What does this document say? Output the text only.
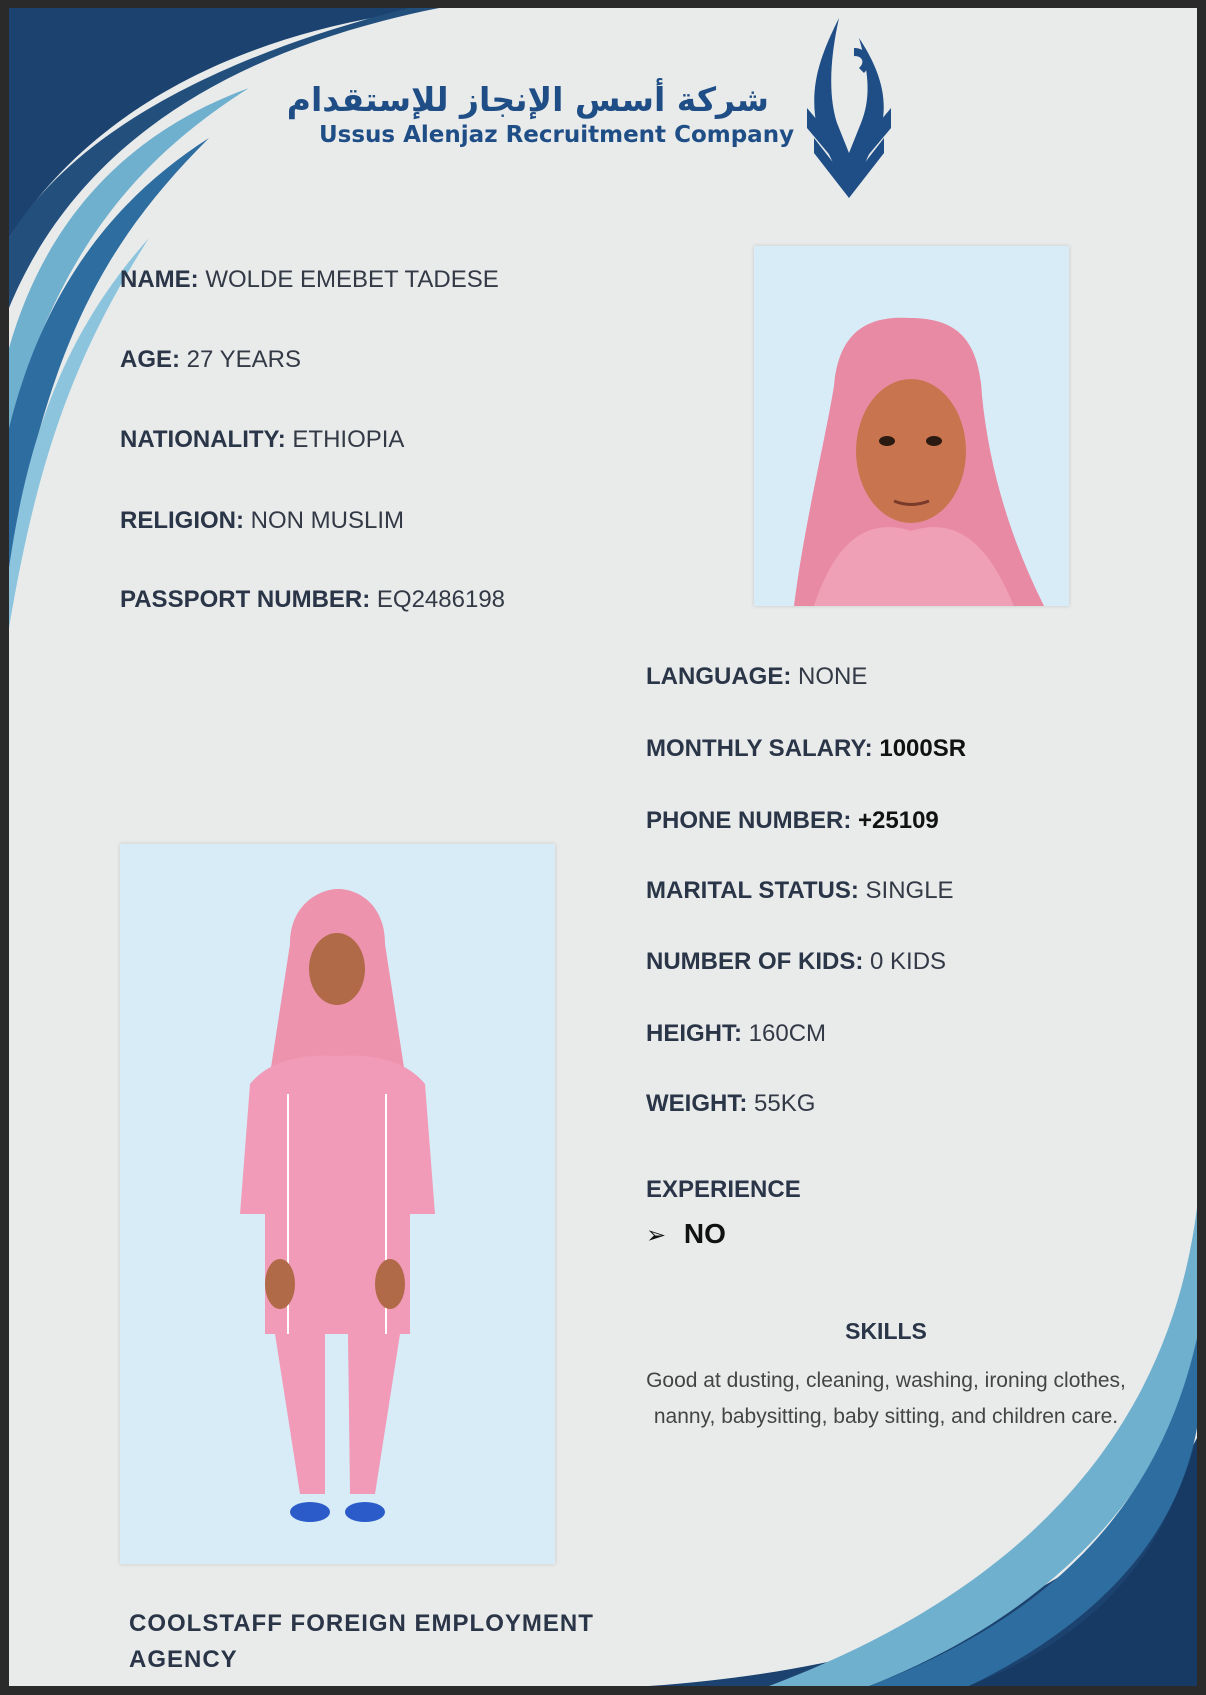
شركة أسس الإنجاز للإستقدام
Ussus Alenjaz Recruitment Company
NAME: WOLDE EMEBET TADESE
AGE: 27 YEARS
NATIONALITY: ETHIOPIA
RELIGION: NON MUSLIM
PASSPORT NUMBER: EQ2486198
LANGUAGE: NONE
MONTHLY SALARY: 1000SR
PHONE NUMBER: +25109
MARITAL STATUS: SINGLE
NUMBER OF KIDS: 0 KIDS
HEIGHT: 160CM
WEIGHT: 55KG
EXPERIENCE
➢ NO
SKILLS
Good at dusting, cleaning, washing, ironing clothes, nanny, babysitting, baby sitting, and children care.
COOLSTAFF FOREIGN EMPLOYMENT AGENCY
